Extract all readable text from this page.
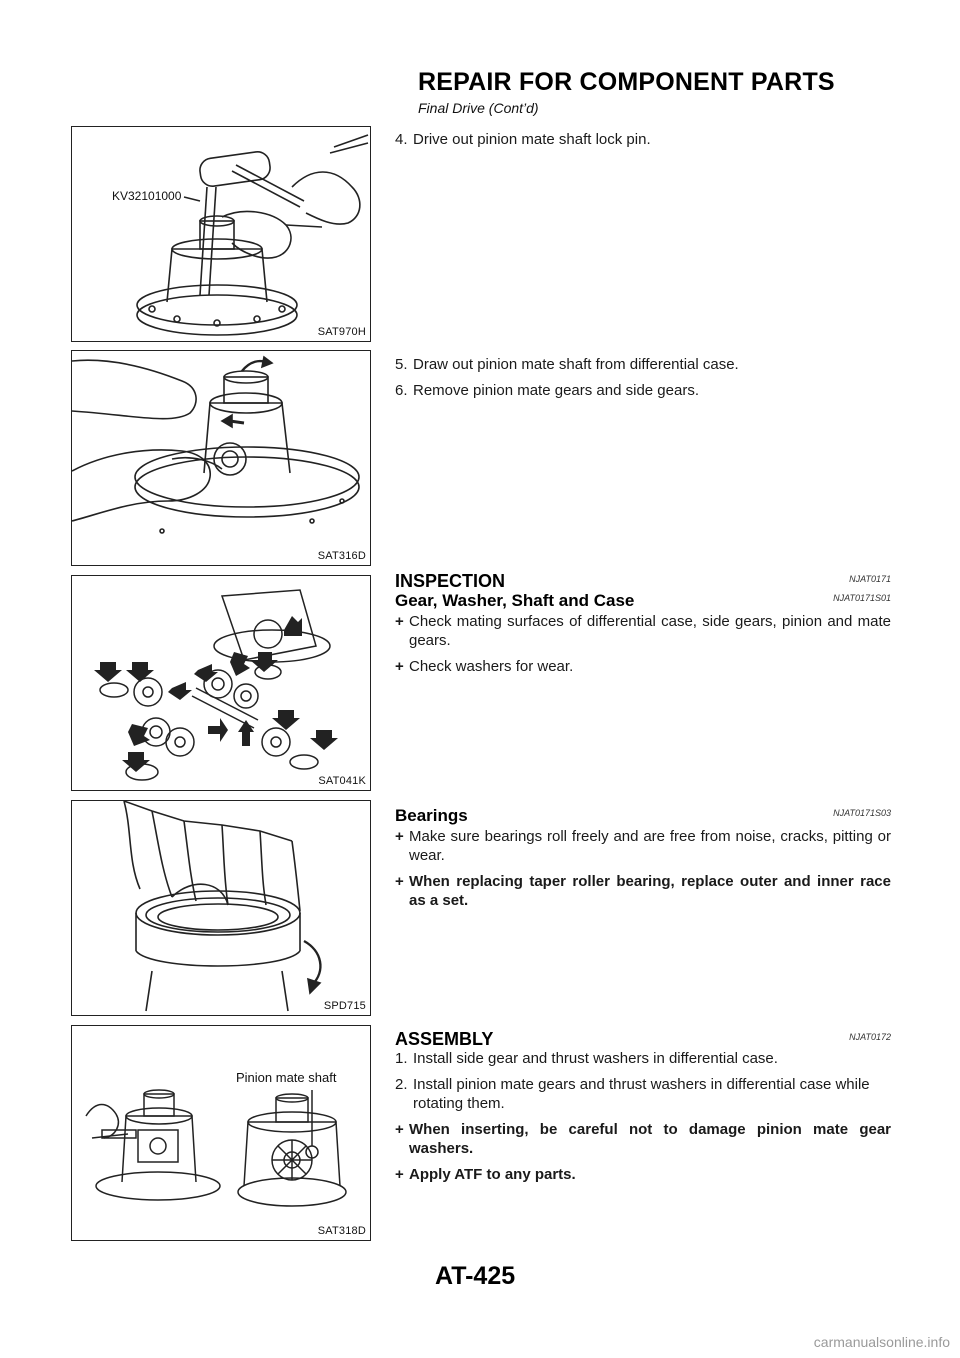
REPAIR FOR COMPONENT PARTS
Final Drive (Cont’d)
KV32101000
SAT970H
SAT316D
SAT041K
SPD715
Pinion mate shaft
SAT318D
4. Drive out pinion mate shaft lock pin.
5. Draw out pinion mate shaft from differential case.
6. Remove pinion mate gears and side gears.
INSPECTION	NJAT0171
Gear, Washer, Shaft and Case	NJAT0171S01
+ Check mating surfaces of differential case, side gears, pinion and mate gears.
+ Check washers for wear.
Bearings	NJAT0171S03
+ Make sure bearings roll freely and are free from noise, cracks, pitting or wear.
+ When replacing taper roller bearing, replace outer and inner race as a set.
ASSEMBLY	NJAT0172
1. Install side gear and thrust washers in differential case.
2. Install pinion mate gears and thrust washers in differential case while rotating them.
+ When inserting, be careful not to damage pinion mate gear washers.
+ Apply ATF to any parts.
AT-425
carmanualsonline.info
